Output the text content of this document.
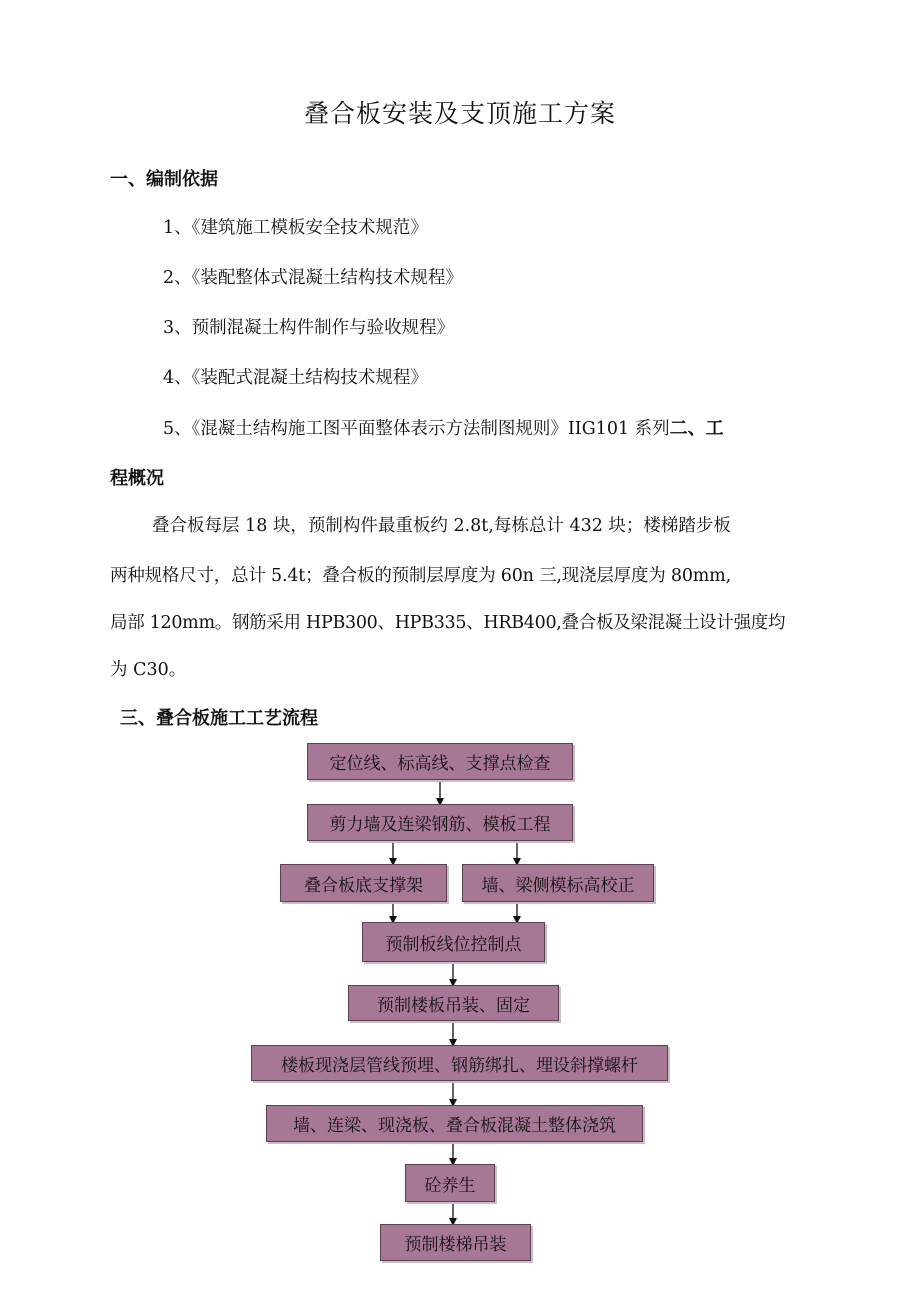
叠合板安装及支顶施工方案
一、编制依据
1、《建筑施工模板安全技术规范》
2、《装配整体式混凝土结构技术规程》
3、预制混凝土构件制作与验收规程》
4、《装配式混凝土结构技术规程》
5、《混凝土结构施工图平面整体表示方法制图规则》IIG101 系列二、工
程概况
叠合板每层 18 块，预制构件最重板约 2.8t,每栋总计 432 块；楼梯踏步板
两种规格尺寸，总计 5.4t；叠合板的预制层厚度为 60n 三,现浇层厚度为 80mm,
局部 120mm。钢筋采用 HPB300、HPB335、HRB400,叠合板及梁混凝土设计强度均
为 C30。
三、叠合板施工工艺流程
定位线、标高线、支撑点检查
剪力墙及连梁钢筋、模板工程
叠合板底支撑架	墙、梁侧模标高校正
预制板线位控制点
预制楼板吊装、固定
楼板现浇层管线预埋、钢筋绑扎、埋设斜撑螺杆
墙、连梁、现浇板、叠合板混凝土整体浇筑
砼养生
预制楼梯吊装
